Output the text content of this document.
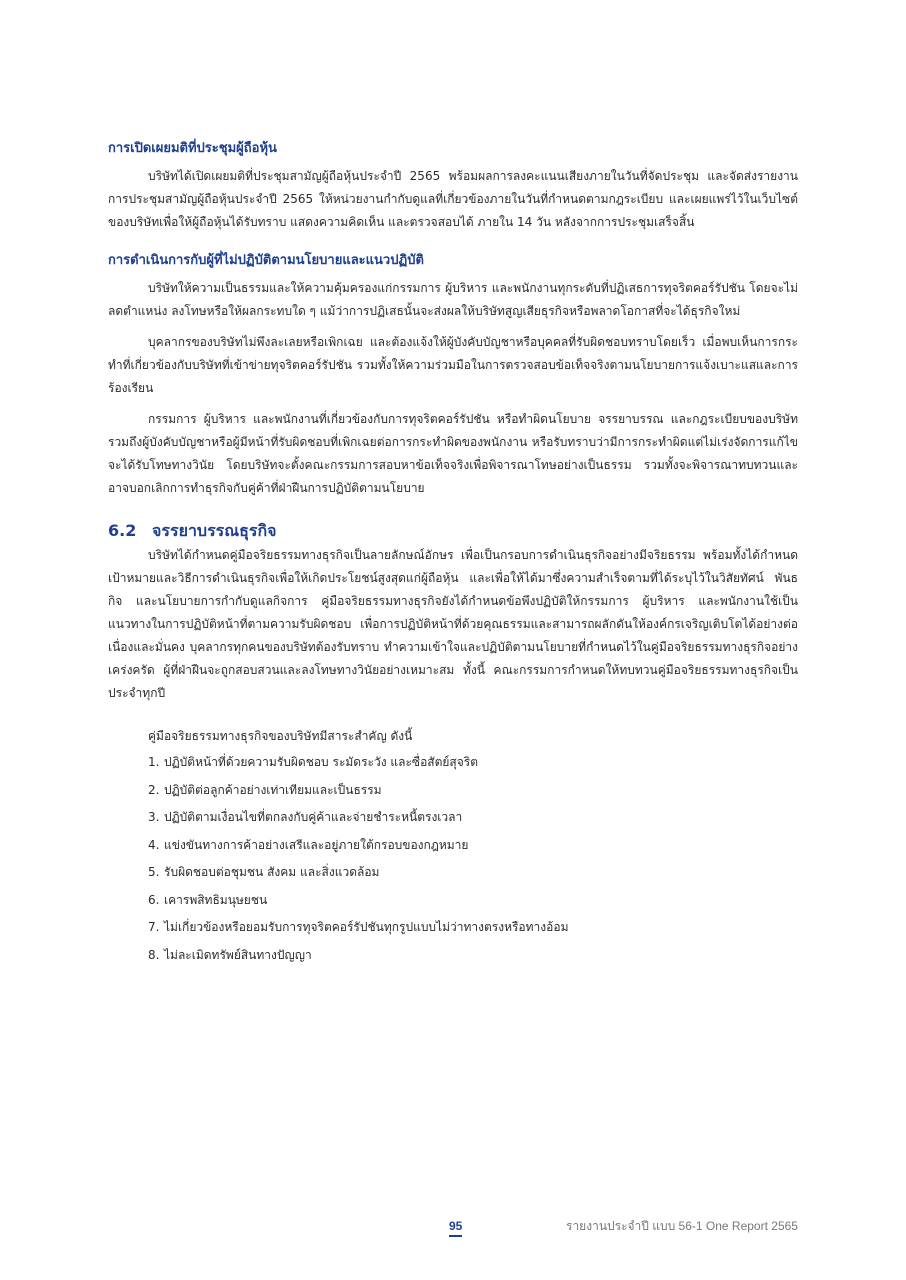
การเปิดเผยมติที่ประชุมผู้ถือหุ้น

บริษัทได้เปิดเผยมติที่ประชุมสามัญผู้ถือหุ้นประจำปี 2565 พร้อมผลการลงคะแนนเสียงภายในวันที่จัดประชุม และจัดส่งรายงานการประชุมสามัญผู้ถือหุ้นประจำปี 2565 ให้หน่วยงานกำกับดูแลที่เกี่ยวข้องภายในวันที่กำหนดตามกฎระเบียบ และเผยแพร่ไว้ในเว็บไซต์ของบริษัทเพื่อให้ผู้ถือหุ้นได้รับทราบ แสดงความคิดเห็น และตรวจสอบได้ ภายใน 14 วัน หลังจากการประชุมเสร็จสิ้น

การดำเนินการกับผู้ที่ไม่ปฏิบัติตามนโยบายและแนวปฏิบัติ

บริษัทให้ความเป็นธรรมและให้ความคุ้มครองแก่กรรมการ ผู้บริหาร และพนักงานทุกระดับที่ปฏิเสธการทุจริตคอร์รัปชัน โดยจะไม่ลดตำแหน่ง ลงโทษหรือให้ผลกระทบใด ๆ แม้ว่าการปฏิเสธนั้นจะส่งผลให้บริษัทสูญเสียธุรกิจหรือพลาดโอกาสที่จะได้ธุรกิจใหม่

บุคลากรของบริษัทไม่พึงละเลยหรือเพิกเฉย และต้องแจ้งให้ผู้บังคับบัญชาหรือบุคคลที่รับผิดชอบทราบโดยเร็ว เมื่อพบเห็นการกระทำที่เกี่ยวข้องกับบริษัทที่เข้าข่ายทุจริตคอร์รัปชัน รวมทั้งให้ความร่วมมือในการตรวจสอบข้อเท็จจริงตามนโยบายการแจ้งเบาะแสและการร้องเรียน

กรรมการ ผู้บริหาร และพนักงานที่เกี่ยวข้องกับการทุจริตคอร์รัปชัน หรือทำผิดนโยบาย จรรยาบรรณ และกฎระเบียบของบริษัท รวมถึงผู้บังคับบัญชาหรือผู้มีหน้าที่รับผิดชอบที่เพิกเฉยต่อการกระทำผิดของพนักงาน หรือรับทราบว่ามีการกระทำผิดแต่ไม่เร่งจัดการแก้ไขจะได้รับโทษทางวินัย โดยบริษัทจะตั้งคณะกรรมการสอบหาข้อเท็จจริงเพื่อพิจารณาโทษอย่างเป็นธรรม รวมทั้งจะพิจารณาทบทวนและอาจบอกเลิกการทำธุรกิจกับคู่ค้าที่ฝ่าฝืนการปฏิบัติตามนโยบาย

6.2 จรรยาบรรณธุรกิจ

บริษัทได้กำหนดคู่มือจริยธรรมทางธุรกิจเป็นลายลักษณ์อักษร เพื่อเป็นกรอบการดำเนินธุรกิจอย่างมีจริยธรรม พร้อมทั้งได้กำหนดเป้าหมายและวิธีการดำเนินธุรกิจเพื่อให้เกิดประโยชน์สูงสุดแก่ผู้ถือหุ้น และเพื่อให้ได้มาซึ่งความสำเร็จตามที่ได้ระบุไว้ในวิสัยทัศน์ พันธกิจ และนโยบายการกำกับดูแลกิจการ คู่มือจริยธรรมทางธุรกิจยังได้กำหนดข้อพึงปฏิบัติให้กรรมการ ผู้บริหาร และพนักงานใช้เป็นแนวทางในการปฏิบัติหน้าที่ตามความรับผิดชอบ เพื่อการปฏิบัติหน้าที่ด้วยคุณธรรมและสามารถผลักดันให้องค์กรเจริญเติบโตได้อย่างต่อเนื่องและมั่นคง บุคลากรทุกคนของบริษัทต้องรับทราบ ทำความเข้าใจและปฏิบัติตามนโยบายที่กำหนดไว้ในคู่มือจริยธรรมทางธุรกิจอย่างเคร่งครัด ผู้ที่ฝ่าฝืนจะถูกสอบสวนและลงโทษทางวินัยอย่างเหมาะสม ทั้งนี้ คณะกรรมการกำหนดให้ทบทวนคู่มือจริยธรรมทางธุรกิจเป็นประจำทุกปี

คู่มือจริยธรรมทางธุรกิจของบริษัทมีสาระสำคัญ ดังนี้
1. ปฏิบัติหน้าที่ด้วยความรับผิดชอบ ระมัดระวัง และซื่อสัตย์สุจริต
2. ปฏิบัติต่อลูกค้าอย่างเท่าเทียมและเป็นธรรม
3. ปฏิบัติตามเงื่อนไขที่ตกลงกับคู่ค้าและจ่ายชำระหนี้ตรงเวลา
4. แข่งขันทางการค้าอย่างเสรีและอยู่ภายใต้กรอบของกฎหมาย
5. รับผิดชอบต่อชุมชน สังคม และสิ่งแวดล้อม
6. เคารพสิทธิมนุษยชน
7. ไม่เกี่ยวข้องหรือยอมรับการทุจริตคอร์รัปชันทุกรูปแบบไม่ว่าทางตรงหรือทางอ้อม
8. ไม่ละเมิดทรัพย์สินทางปัญญา
95	รายงานประจำปี แบบ 56-1 One Report 2565
